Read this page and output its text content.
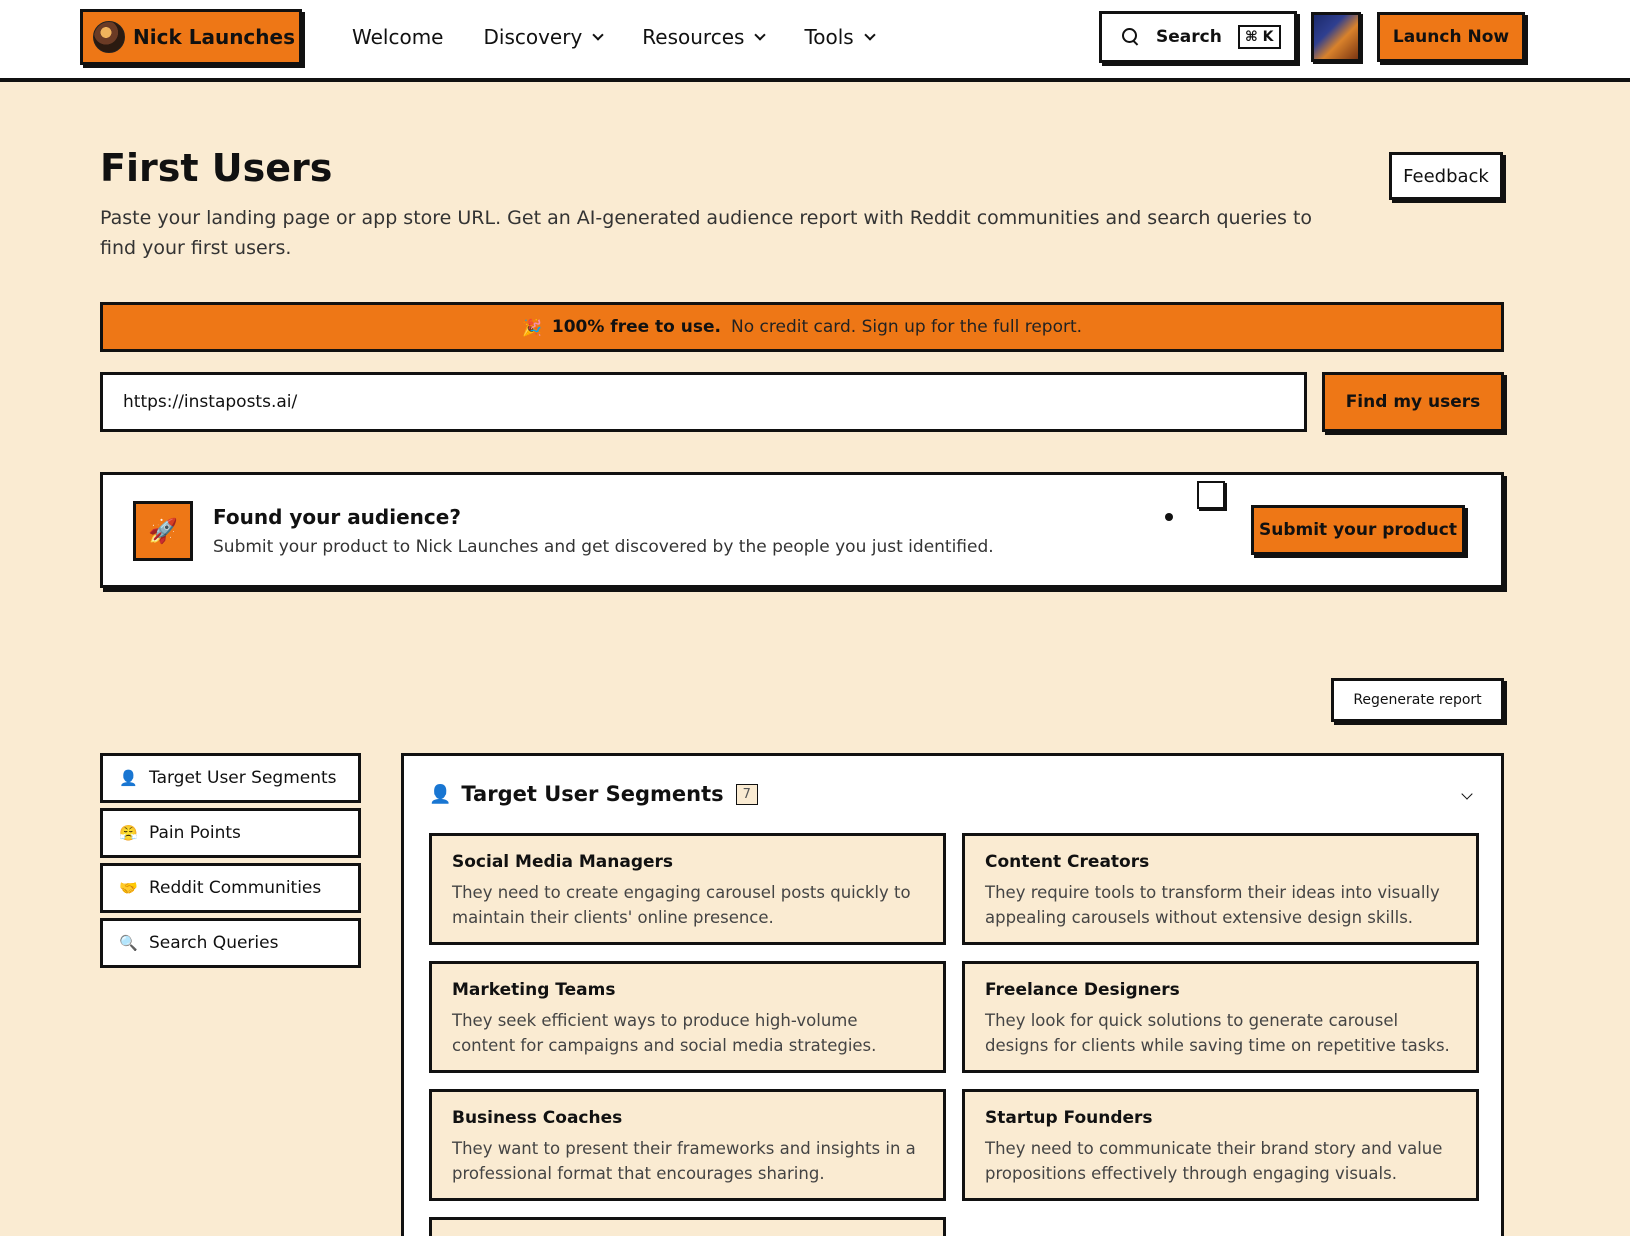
Nick Launches	Welcome Discovery	Resources	Tools	Search	⌘ K	Launch Now
First Users

Paste your landing page or app store URL. Get an AI-generated audience report with Reddit communities and search queries to find your first users.

Feedback
🎉 100% free to use. No credit card. Sign up for the full report.
https://instaposts.ai/
Find my users
🚀 Found your audience?
Submit your product to Nick Launches and get discovered by the people you just identified.
Submit your product
Regenerate report
👤 Target User Segments
😤 Pain Points
🤝 Reddit Communities
🔍 Search Queries
👤 Target User Segments	7
Social Media Managers
They need to create engaging carousel posts quickly to maintain their clients' online presence.
Content Creators
They require tools to transform their ideas into visually appealing carousels without extensive design skills.
Marketing Teams
They seek efficient ways to produce high-volume content for campaigns and social media strategies.
Freelance Designers
They look for quick solutions to generate carousel designs for clients while saving time on repetitive tasks.
Business Coaches
They want to present their frameworks and insights in a professional format that encourages sharing.
Startup Founders
They need to communicate their brand story and value propositions effectively through engaging visuals.
